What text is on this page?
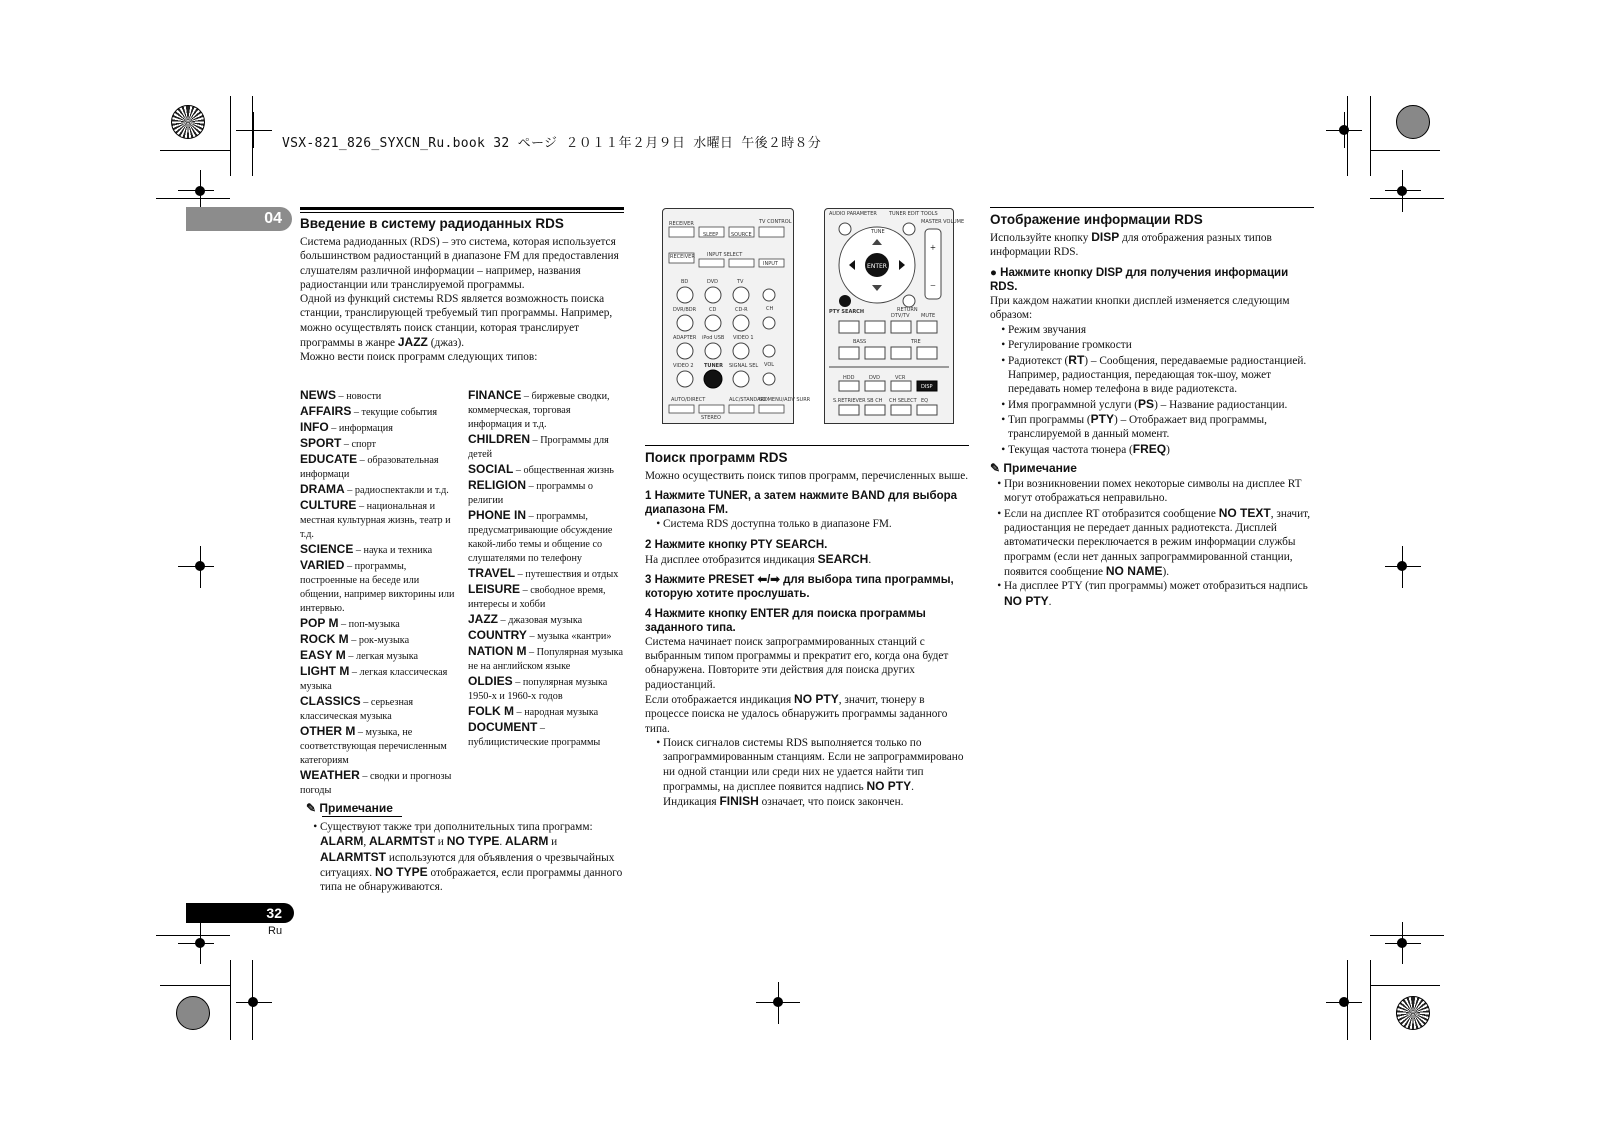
VSX-821_826_SYXCN_Ru.book 32 ページ ２０１１年２月９日 水曜日 午後２時８分
04
32
Ru
Введение в систему радиоданных RDS
Система радиоданных (RDS) – это система, которая используется большинством радиостанций в диапазоне FM для предоставления слушателям различной информации – например, названия радиостанции или транслируемой программы.
Одной из функций системы RDS является возможность поиска станции, транслирующей требуемый тип программы. Например, можно осуществлять поиск станции, которая транслирует программы в жанре JAZZ (джаз).
Можно вести поиск программ следующих типов:
NEWS – новости
AFFAIRS – текущие события
INFO – информация
SPORT – спорт
EDUCATE – образовательная информаци
DRAMA – радиоспектакли и т.д.
CULTURE – национальная и местная культурная жизнь, театр и т.д.
SCIENCE – наука и техника
VARIED – программы, построенные на беседе или общении, например викторины или интервью.
POP M – поп-музыка
ROCK M – рок-музыка
EASY M – легкая музыка
LIGHT M – легкая классическая музыка
CLASSICS – серьезная классическая музыка
OTHER M – музыка, не соответствующая перечисленным категориям
WEATHER – сводки и прогнозы погоды
FINANCE – биржевые сводки, коммерческая, торговая информация и т.д.
CHILDREN – Программы для детей
SOCIAL – общественная жизнь
RELIGION – программы о религии
PHONE IN – программы, предусматривающие обсуждение какой-либо темы и общение со слушателями по телефону
TRAVEL – путешествия и отдых
LEISURE – свободное время, интересы и хобби
JAZZ – джазовая музыка
COUNTRY – музыка «кантри»
NATION M – Популярная музыка не на английском языке
OLDIES – популярная музыка 1950-х и 1960-х годов
FOLK M – народная музыка
DOCUMENT – публицистические программы
✎ Примечание
• Существуют также три дополнительных типа программ: ALARM, ALARMTST и NO TYPE. ALARM и ALARMTST используются для объявления о чрезвычайных ситуациях. NO TYPE отображается, если программы данного типа не обнаруживаются.
RECEIVER
SLEEP	SOURCE
TV CONTROL
RECEIVER INPUT SELECT
INPUT
BD	DVD	TV
DVR/BDR	CD	CD-R	CH
ADAPTER iPod USB VIDEO 1
VIDEO 2 TUNER SIGNAL SEL VOL
AUTO/DIRECT
STEREO
ALC/STANDARD
SD MENU/ADV SURR
ENTER
+
−
AUDIO PARAMETER TUNER EDIT TOOLS
MASTER VOLUME
TUNE
PTY SEARCH	RETURN
MUTE
DTV/TV
BASS	TRE
HDD	DVD	VCR
DISP
S.RETRIEVER SB CH CH SELECT EQ
Поиск программ RDS
Можно осуществить поиск типов программ, перечисленных выше.
1 Нажмите TUNER, а затем нажмите BAND для выбора диапазона FM.
• Система RDS доступна только в диапазоне FM.
2 Нажмите кнопку PTY SEARCH.
На дисплее отобразится индикация SEARCH.
3 Нажмите PRESET ⬅/➡ для выбора типа программы, которую хотите прослушать.
4 Нажмите кнопку ENTER для поиска программы заданного типа.
Система начинает поиск запрограммированных станций с выбранным типом программы и прекратит его, когда она будет обнаружена. Повторите эти действия для поиска других радиостанций.
Если отображается индикация NO PTY, значит, тюнеру в процессе поиска не удалось обнаружить программы заданного типа.
• Поиск сигналов системы RDS выполняется только по запрограммированным станциям. Если не запрограммировано ни одной станции или среди них не удается найти тип программы, на дисплее появится надпись NO PTY. Индикация FINISH означает, что поиск закончен.
Отображение информации RDS
Используйте кнопку DISP для отображения разных типов информации RDS.
● Нажмите кнопку DISP для получения информации RDS.
При каждом нажатии кнопки дисплей изменяется следующим образом:
• Режим звучания
• Регулирование громкости
• Радиотекст (RT) – Сообщения, передаваемые радиостанцией. Например, радиостанция, передающая ток-шоу, может передавать номер телефона в виде радиотекста.
• Имя программной услуги (PS) – Название радиостанции.
• Тип программы (PTY) – Отображает вид программы, транслируемой в данный момент.
• Текущая частота тюнера (FREQ)
✎ Примечание
• При возникновении помех некоторые символы на дисплее RT могут отображаться неправильно.
• Если на дисплее RT отобразится сообщение NO TEXT, значит, радиостанция не передает данных радиотекста. Дисплей автоматически переключается в режим информации службы программ (если нет данных запрограммированной станции, появится сообщение NO NAME).
• На дисплее PTY (тип программы) может отобразиться надпись NO PTY.
